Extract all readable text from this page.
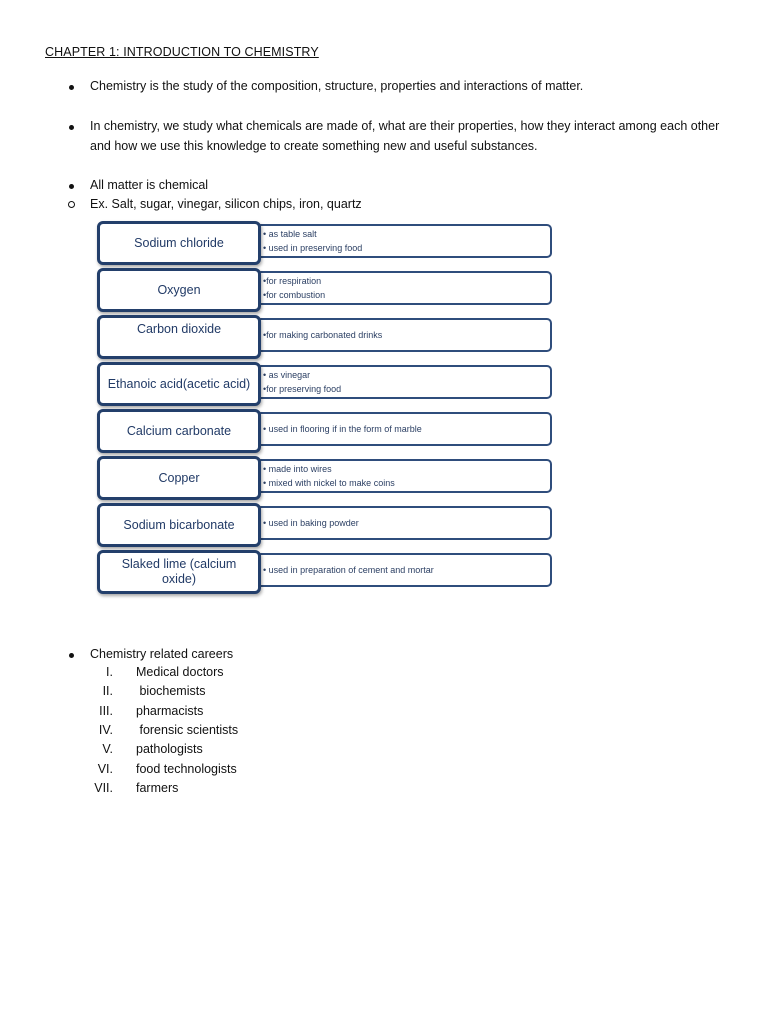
CHAPTER 1: INTRODUCTION TO CHEMISTRY
Chemistry is the study of the composition, structure, properties and interactions of matter.
In chemistry, we study what chemicals are made of, what are their properties, how they interact among each other and how we use this knowledge to create something new and useful substances.
All matter is chemical
Ex. Salt, sugar, vinegar, silicon chips, iron, quartz
• as table salt
• used in preserving food
Sodium chloride
•for respiration
•for combustion
Oxygen
•for making carbonated drinks
Carbon dioxide
• as vinegar
•for preserving food
Ethanoic acid(acetic acid)
• used in flooring if in the form of marble
Calcium carbonate
• made into wires
• mixed with nickel to make coins
Copper
• used in baking powder
Sodium bicarbonate
• used in preparation of cement and mortar
Slaked lime (calcium oxide)
Chemistry related careers
I. Medical doctors
II. biochemists
III. pharmacists
IV. forensic scientists
V. pathologists
VI. food technologists
VII. farmers
